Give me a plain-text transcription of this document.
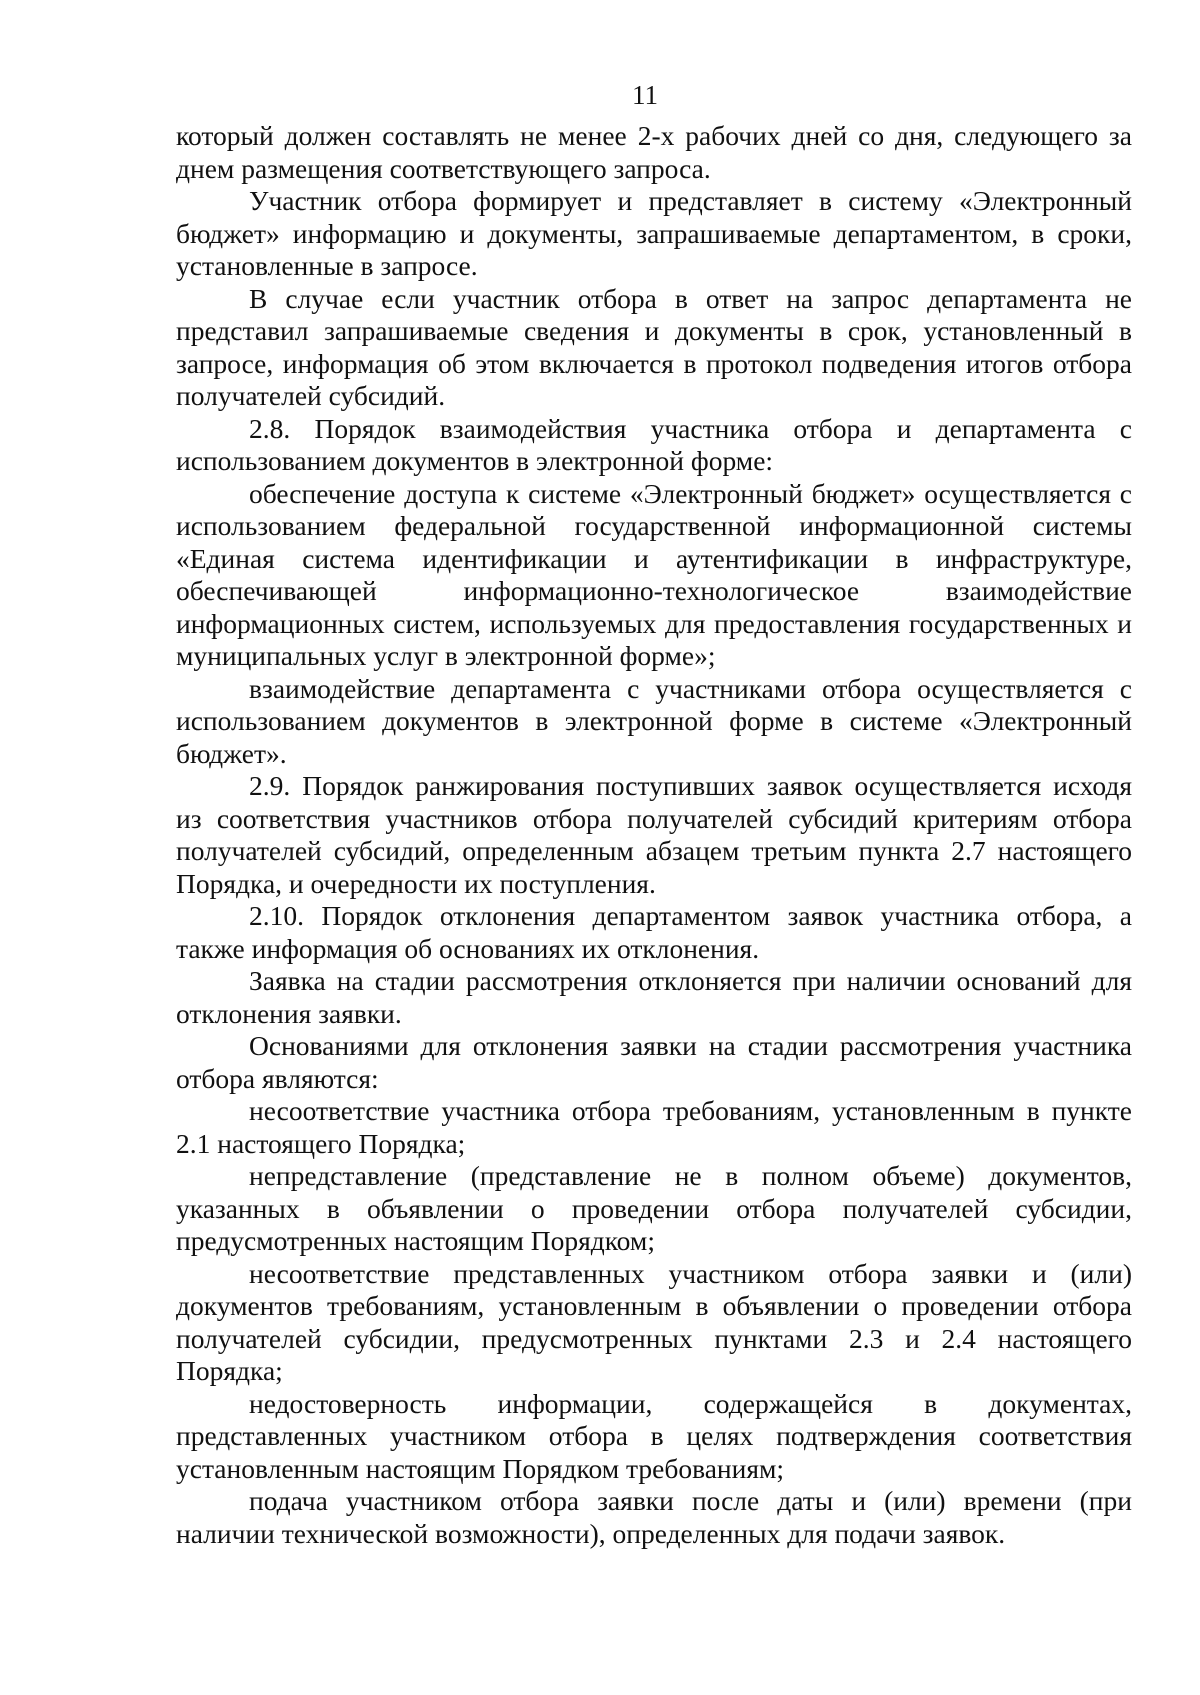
11

который должен составлять не менее 2-х рабочих дней со дня, следующего за днем размещения соответствующего запроса.

Участник отбора формирует и представляет в систему «Электронный бюджет» информацию и документы, запрашиваемые департаментом, в сроки, установленные в запросе.

В случае если участник отбора в ответ на запрос департамента не представил запрашиваемые сведения и документы в срок, установленный в запросе, информация об этом включается в протокол подведения итогов отбора получателей субсидий.

2.8. Порядок взаимодействия участника отбора и департамента с использованием документов в электронной форме:

обеспечение доступа к системе «Электронный бюджет» осуществляется с использованием федеральной государственной информационной системы «Единая система идентификации и аутентификации в инфраструктуре, обеспечивающей информационно-технологическое взаимодействие информационных систем, используемых для предоставления государственных и муниципальных услуг в электронной форме»;

взаимодействие департамента с участниками отбора осуществляется с использованием документов в электронной форме в системе «Электронный бюджет».

2.9. Порядок ранжирования поступивших заявок осуществляется исходя из соответствия участников отбора получателей субсидий критериям отбора получателей субсидий, определенным абзацем третьим пункта 2.7 настоящего Порядка, и очередности их поступления.

2.10. Порядок отклонения департаментом заявок участника отбора, а также информация об основаниях их отклонения.

Заявка на стадии рассмотрения отклоняется при наличии оснований для отклонения заявки.

Основаниями для отклонения заявки на стадии рассмотрения участника отбора являются:

несоответствие участника отбора требованиям, установленным в пункте 2.1 настоящего Порядка;

непредставление (представление не в полном объеме) документов, указанных в объявлении о проведении отбора получателей субсидии, предусмотренных настоящим Порядком;

несоответствие представленных участником отбора заявки и (или) документов требованиям, установленным в объявлении о проведении отбора получателей субсидии, предусмотренных пунктами 2.3 и 2.4 настоящего Порядка;

недостоверность информации, содержащейся в документах, представленных участником отбора в целях подтверждения соответствия установленным настоящим Порядком требованиям;

подача участником отбора заявки после даты и (или) времени (при наличии технической возможности), определенных для подачи заявок.
